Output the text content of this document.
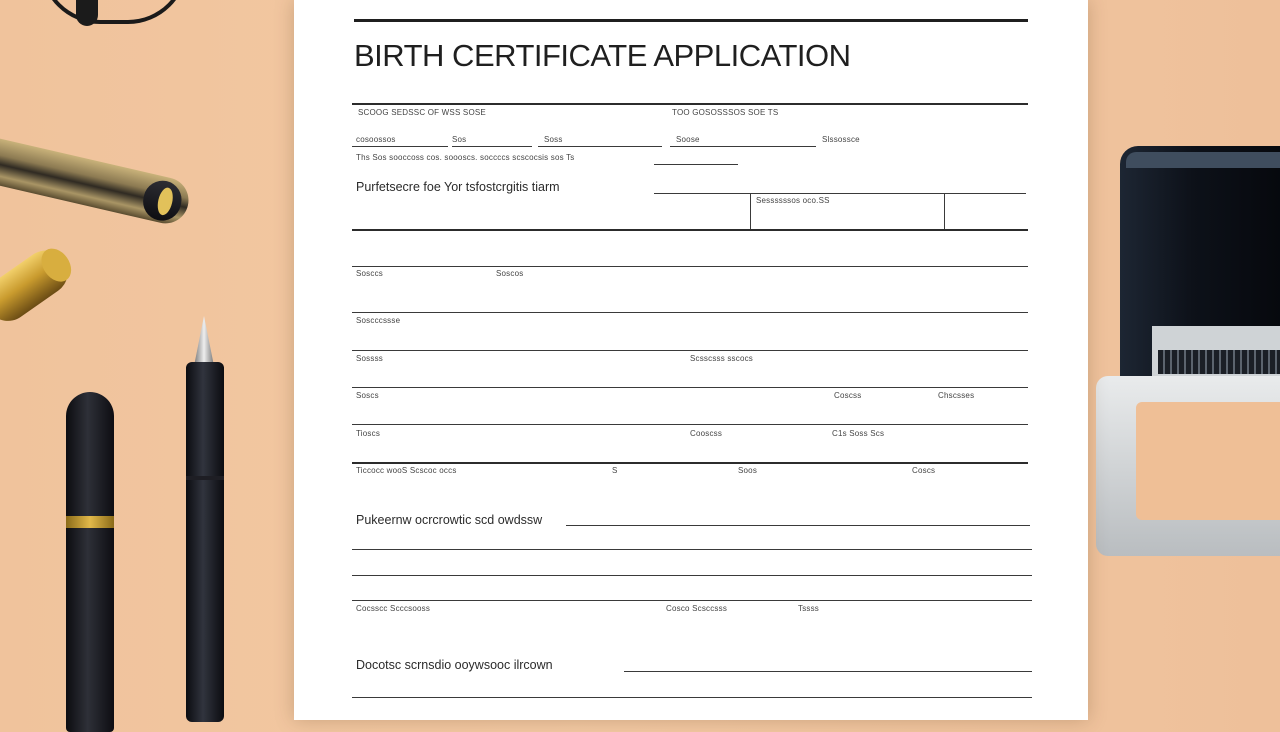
BIRTH CERTIFICATE APPLICATION
SCOOG SEDSSC OF WSS SOSE	TOO GOSOSSSOS SOE TS
cosoossos	Sos	Soss	Soose	Slssossce
Ths Sos sooccoss cos. soooscs. soccccs scscocsis sos Ts
Purfetsecre foe Yor tsfostcrgitis tiarm
Sessssssos oco.SS
Sosccs	Soscos
Soscccssse
Sossss	Scsscsss sscocs
Soscs	Coscss	Chscsses
Tioscs	Cooscss	C1s Soss Scs
Ticcocc wooS Scscoc occs	S	Soos	Coscs
Pukeernw ocrcrowtic scd owdssw
Cocsscc Scccsooss	Cosco Scsccsss	Tssss
Docotsc scrnsdio ooywsooc ilrcown
